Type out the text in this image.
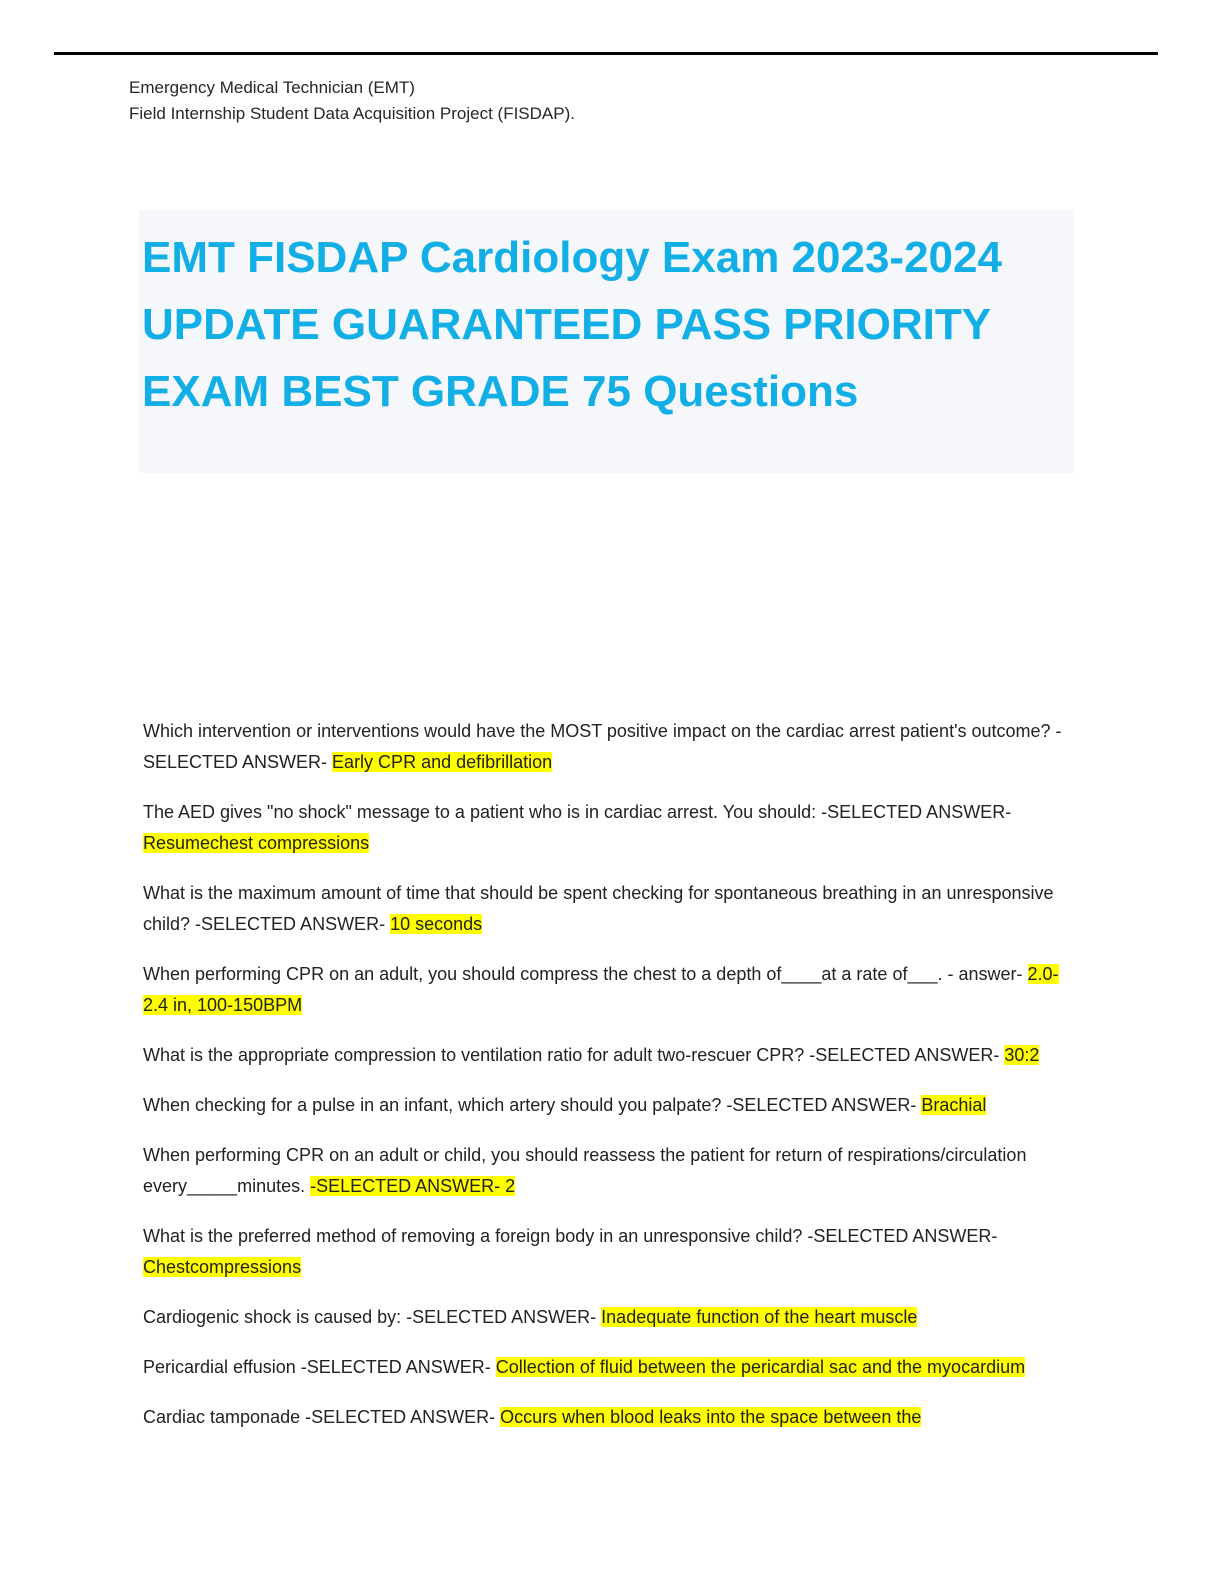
Emergency Medical Technician (EMT)
Field Internship Student Data Acquisition Project (FISDAP).
EMT FISDAP Cardiology Exam 2023-2024 UPDATE GUARANTEED PASS PRIORITY EXAM BEST GRADE 75 Questions

Which intervention or interventions would have the MOST positive impact on the cardiac arrest patient's outcome? -SELECTED ANSWER- Early CPR and defibrillation

The AED gives "no shock" message to a patient who is in cardiac arrest. You should: -SELECTED ANSWER- Resumechest compressions

What is the maximum amount of time that should be spent checking for spontaneous breathing in an unresponsive child? -SELECTED ANSWER- 10 seconds

When performing CPR on an adult, you should compress the chest to a depth of____at a rate of___. - answer- 2.0-2.4 in, 100-150BPM

What is the appropriate compression to ventilation ratio for adult two-rescuer CPR? -SELECTED ANSWER- 30:2

When checking for a pulse in an infant, which artery should you palpate? -SELECTED ANSWER- Brachial

When performing CPR on an adult or child, you should reassess the patient for return of respirations/circulation every_____minutes. -SELECTED ANSWER- 2

What is the preferred method of removing a foreign body in an unresponsive child? -SELECTED ANSWER- Chestcompressions

Cardiogenic shock is caused by: -SELECTED ANSWER- Inadequate function of the heart muscle

Pericardial effusion -SELECTED ANSWER- Collection of fluid between the pericardial sac and the myocardium

Cardiac tamponade -SELECTED ANSWER- Occurs when blood leaks into the space between the
